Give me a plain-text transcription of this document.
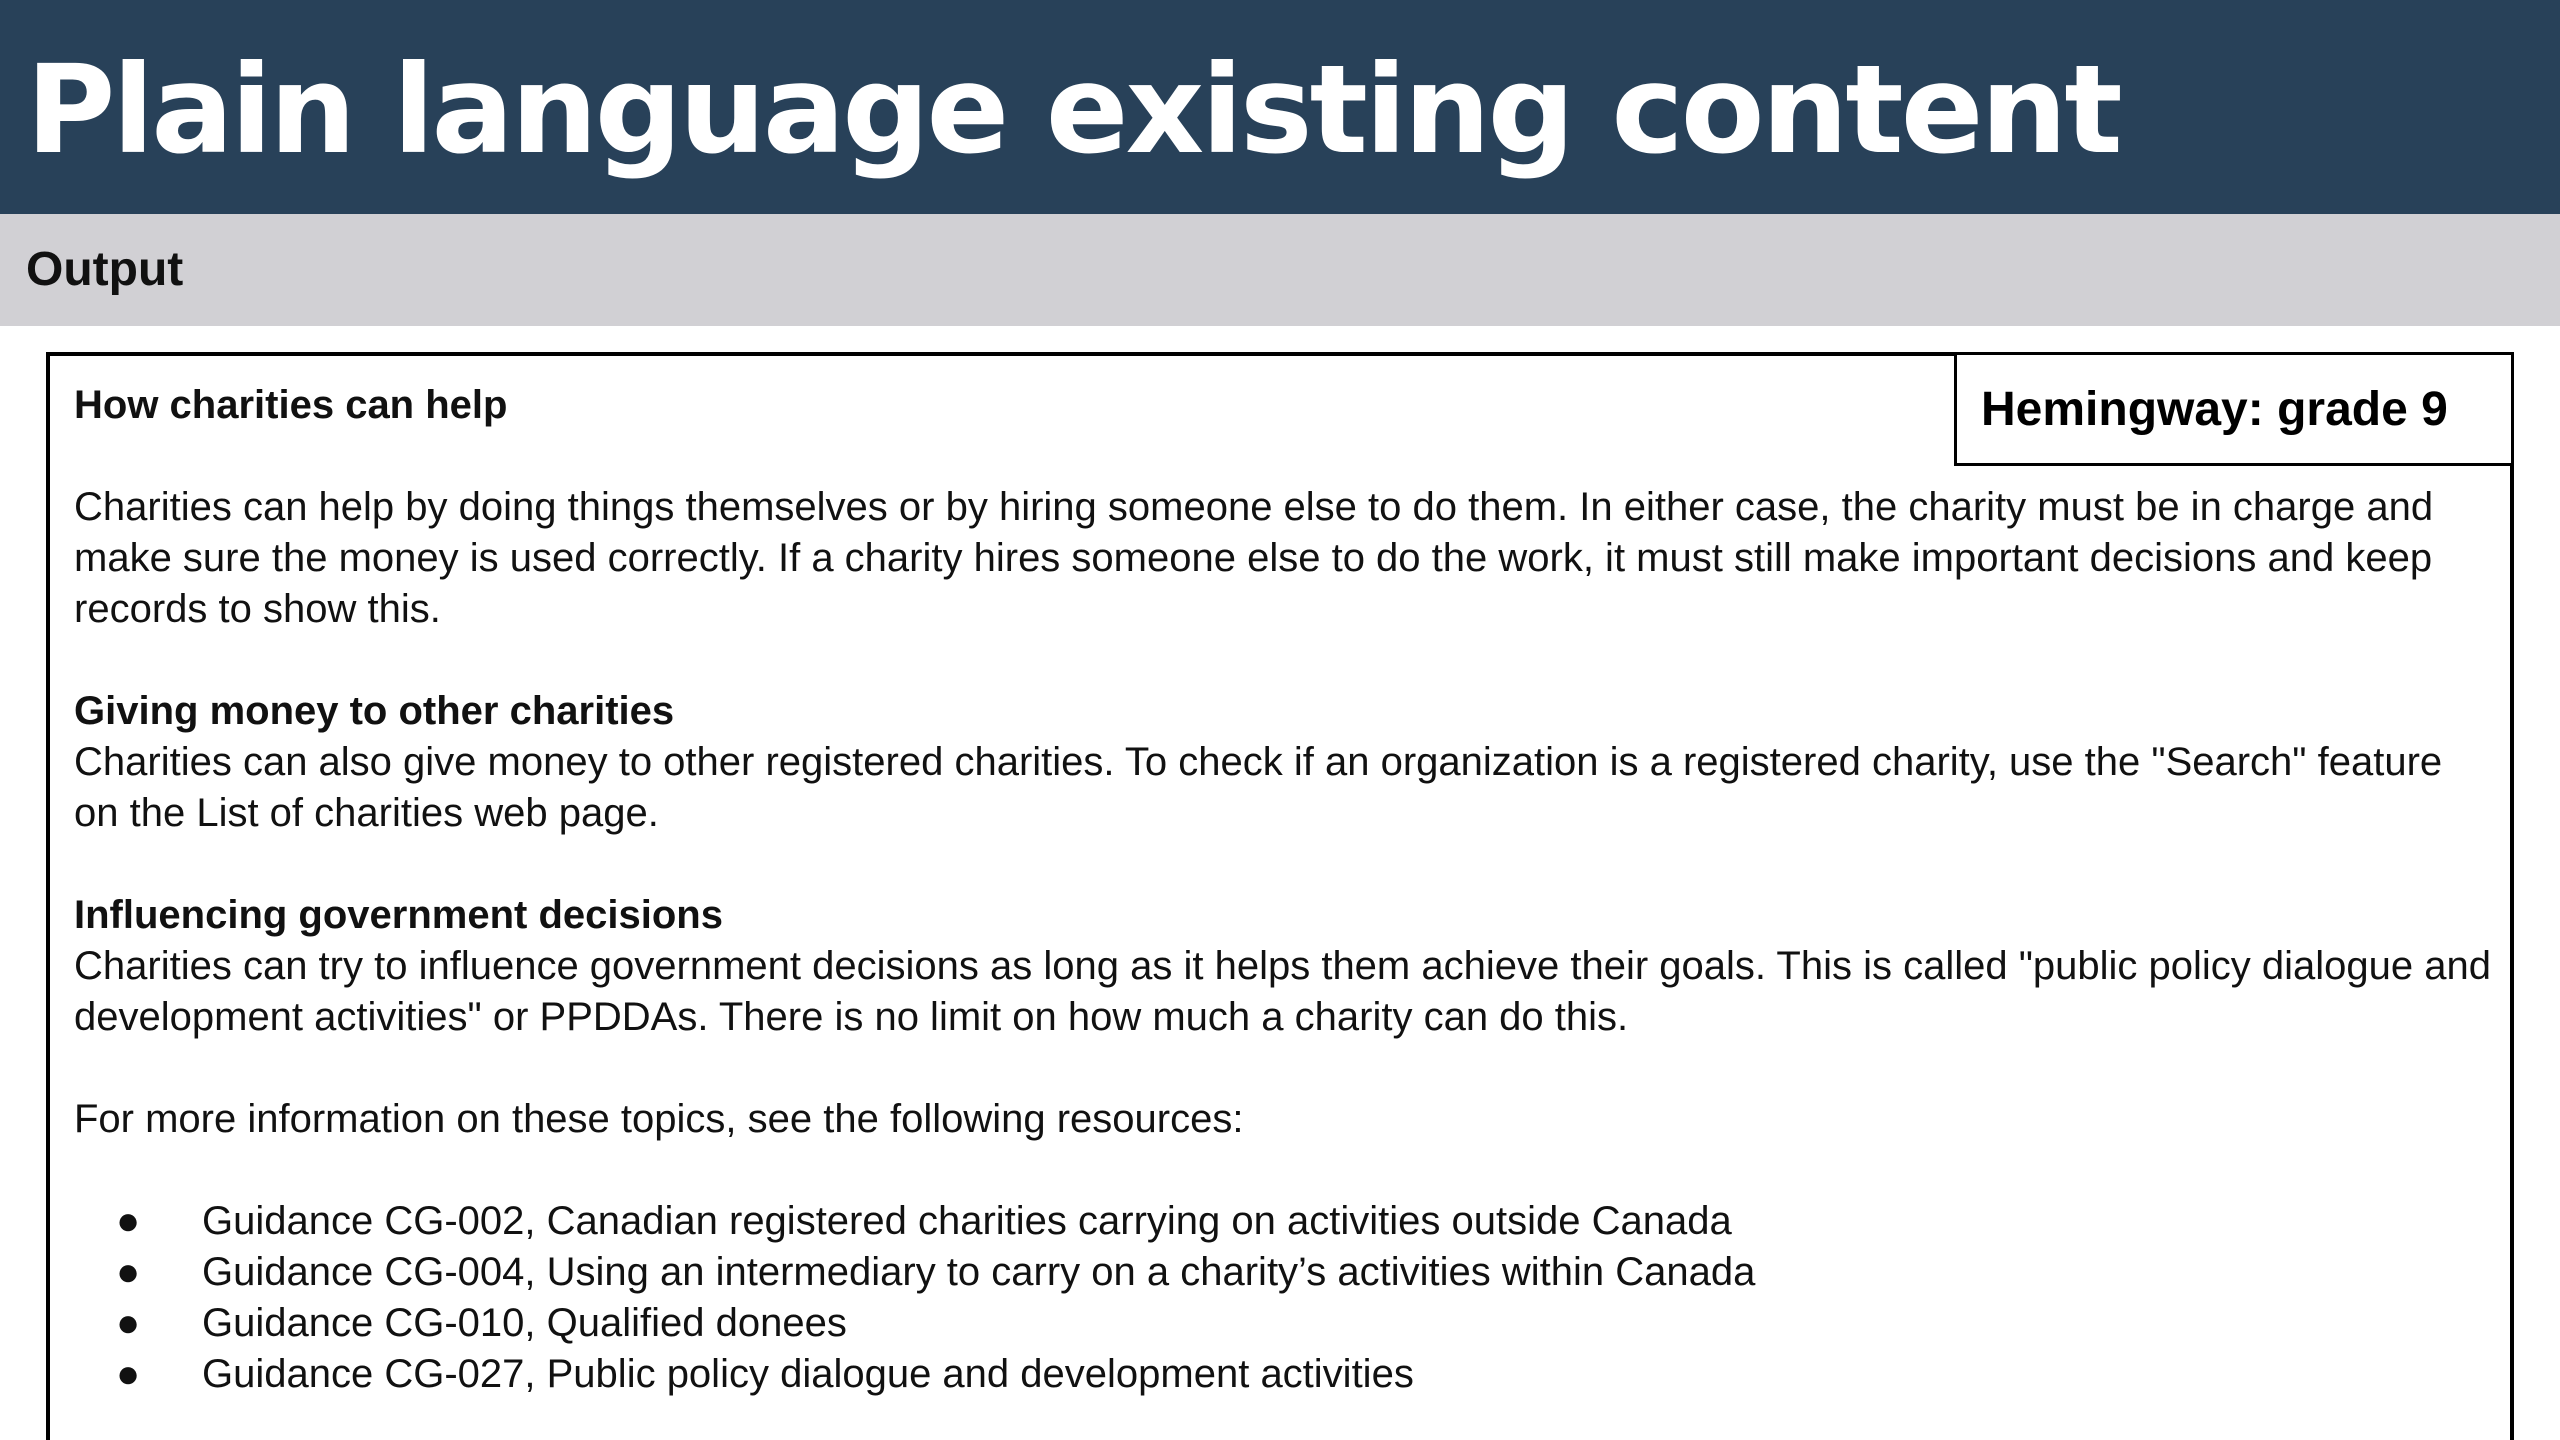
Plain language existing content
Output

Hemingway: grade 9

How charities can help

Charities can help by doing things themselves or by hiring someone else to do them. In either case, the charity must be in charge and make sure the money is used correctly. If a charity hires someone else to do the work, it must still make important decisions and keep records to show this.

Giving money to other charities

Charities can also give money to other registered charities. To check if an organization is a registered charity, use the "Search" feature on the List of charities web page.

Influencing government decisions

Charities can try to influence government decisions as long as it helps them achieve their goals. This is called "public policy dialogue and development activities" or PPDDAs. There is no limit on how much a charity can do this.

For more information on these topics, see the following resources:

● Guidance CG-002, Canadian registered charities carrying on activities outside Canada
● Guidance CG-004, Using an intermediary to carry on a charity’s activities within Canada
● Guidance CG-010, Qualified donees
● Guidance CG-027, Public policy dialogue and development activities
